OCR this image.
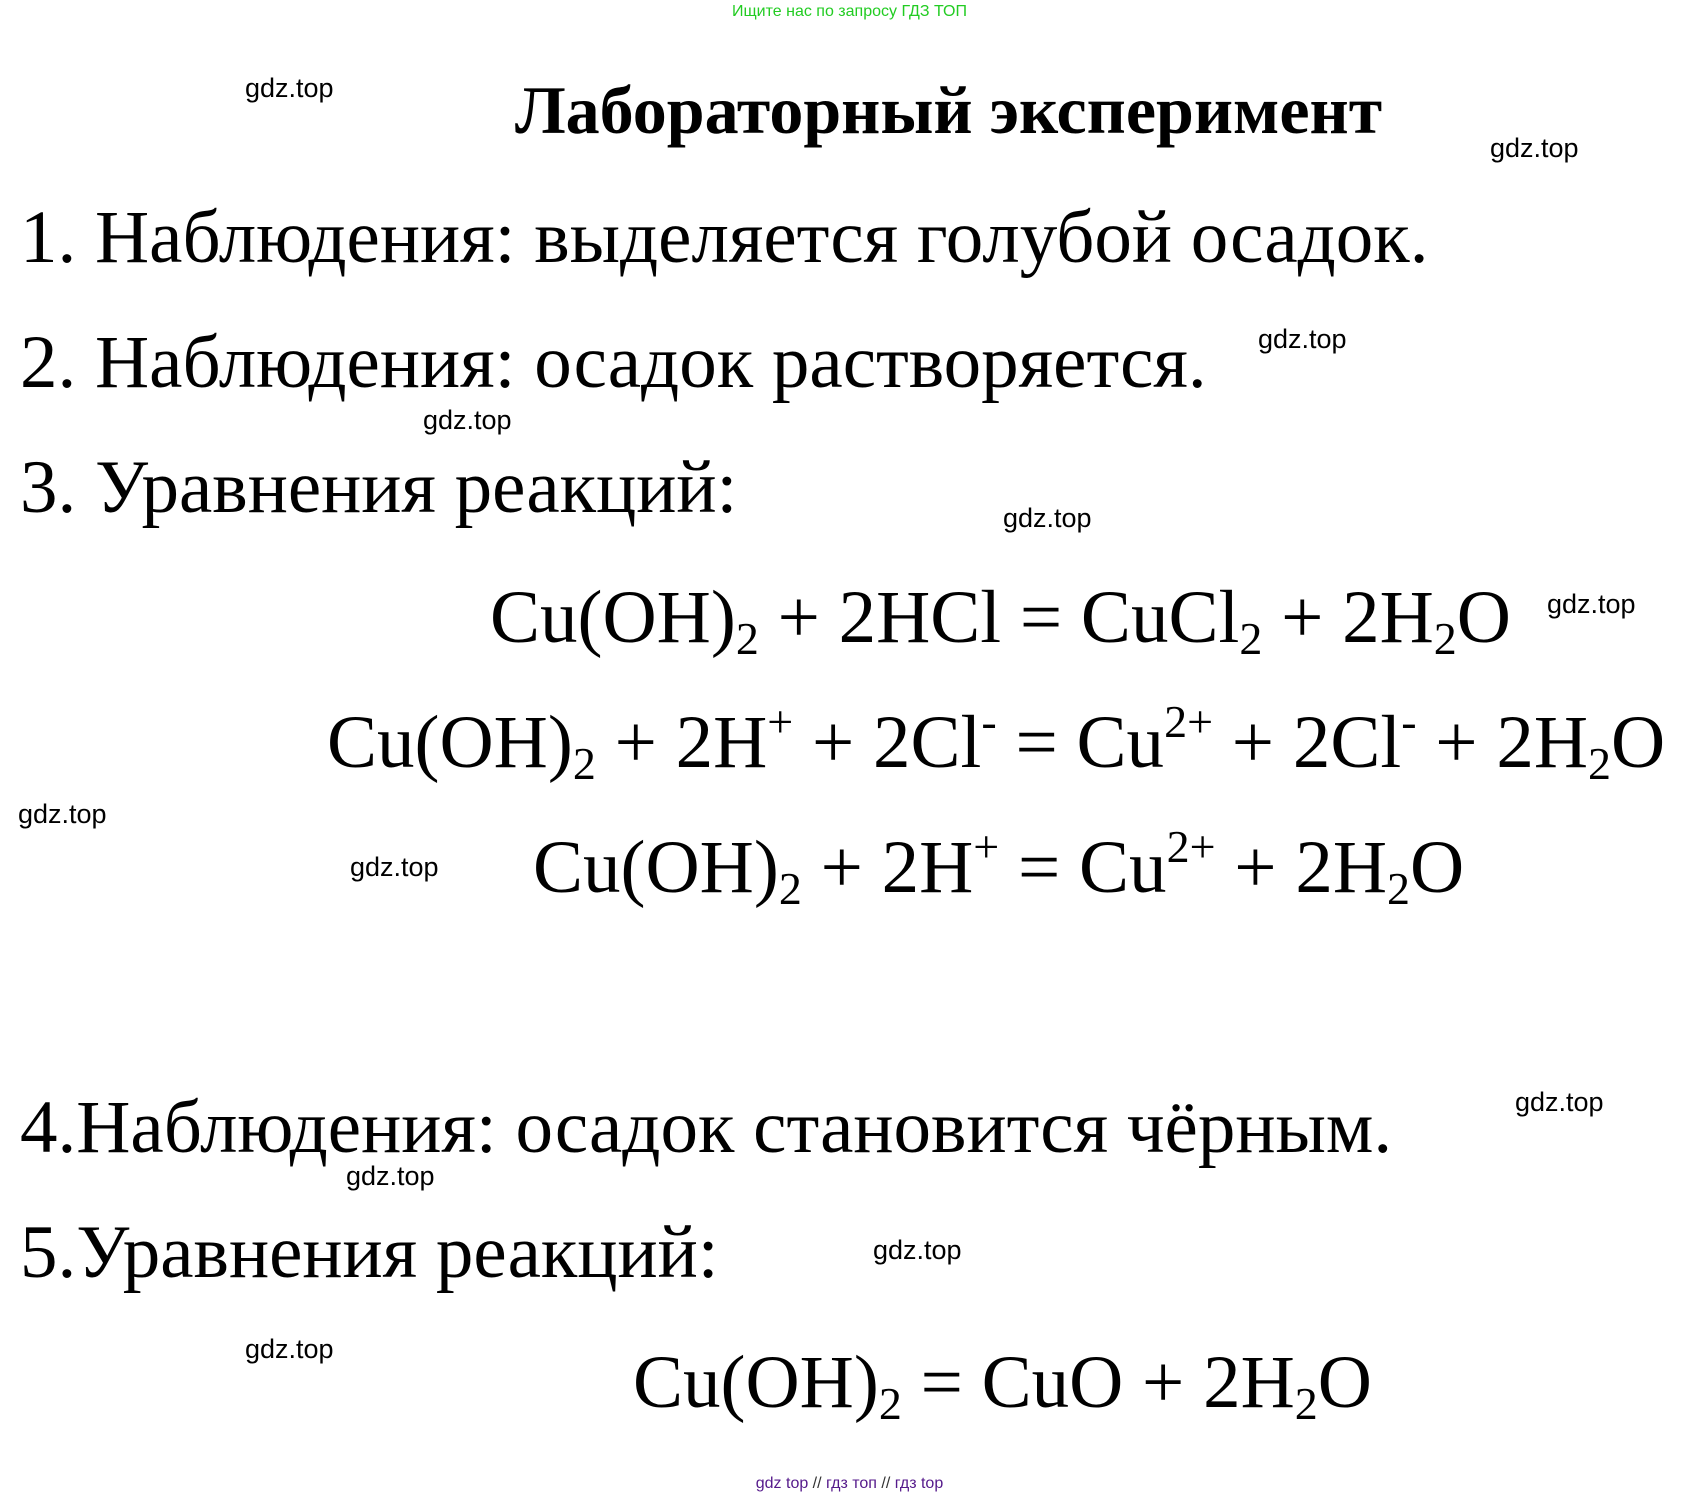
Ищите нас по запросу ГДЗ ТОП
Лабораторный эксперимент
1. Наблюдения: выделяется голубой осадок.
2. Наблюдения: осадок растворяется.
3. Уравнения реакций:
$Cu(OH)_2 + 2HCl$ = CuCl$_2$ + $2H_2O$
$Cu(OH)_2 + 2H^+ + 2Cl^- = Cu^{2+} + 2Cl^- + 2H_2O$
$Cu(OH)_2 + 2H^+ = Cu^{2+} + 2H_2O$
4.Наблюдения: осадок становится чёрным.
5.Уравнения реакций:
$Cu(OH)_2$ = CuO + $2H_2O$
gdz.top
gdz.top
gdz.top
gdz.top
gdz.top
gdz.top
gdz.top
gdz.top
gdz.top
gdz.top
gdz.top
gdz.top
gdz top // гдз топ // гдз top
